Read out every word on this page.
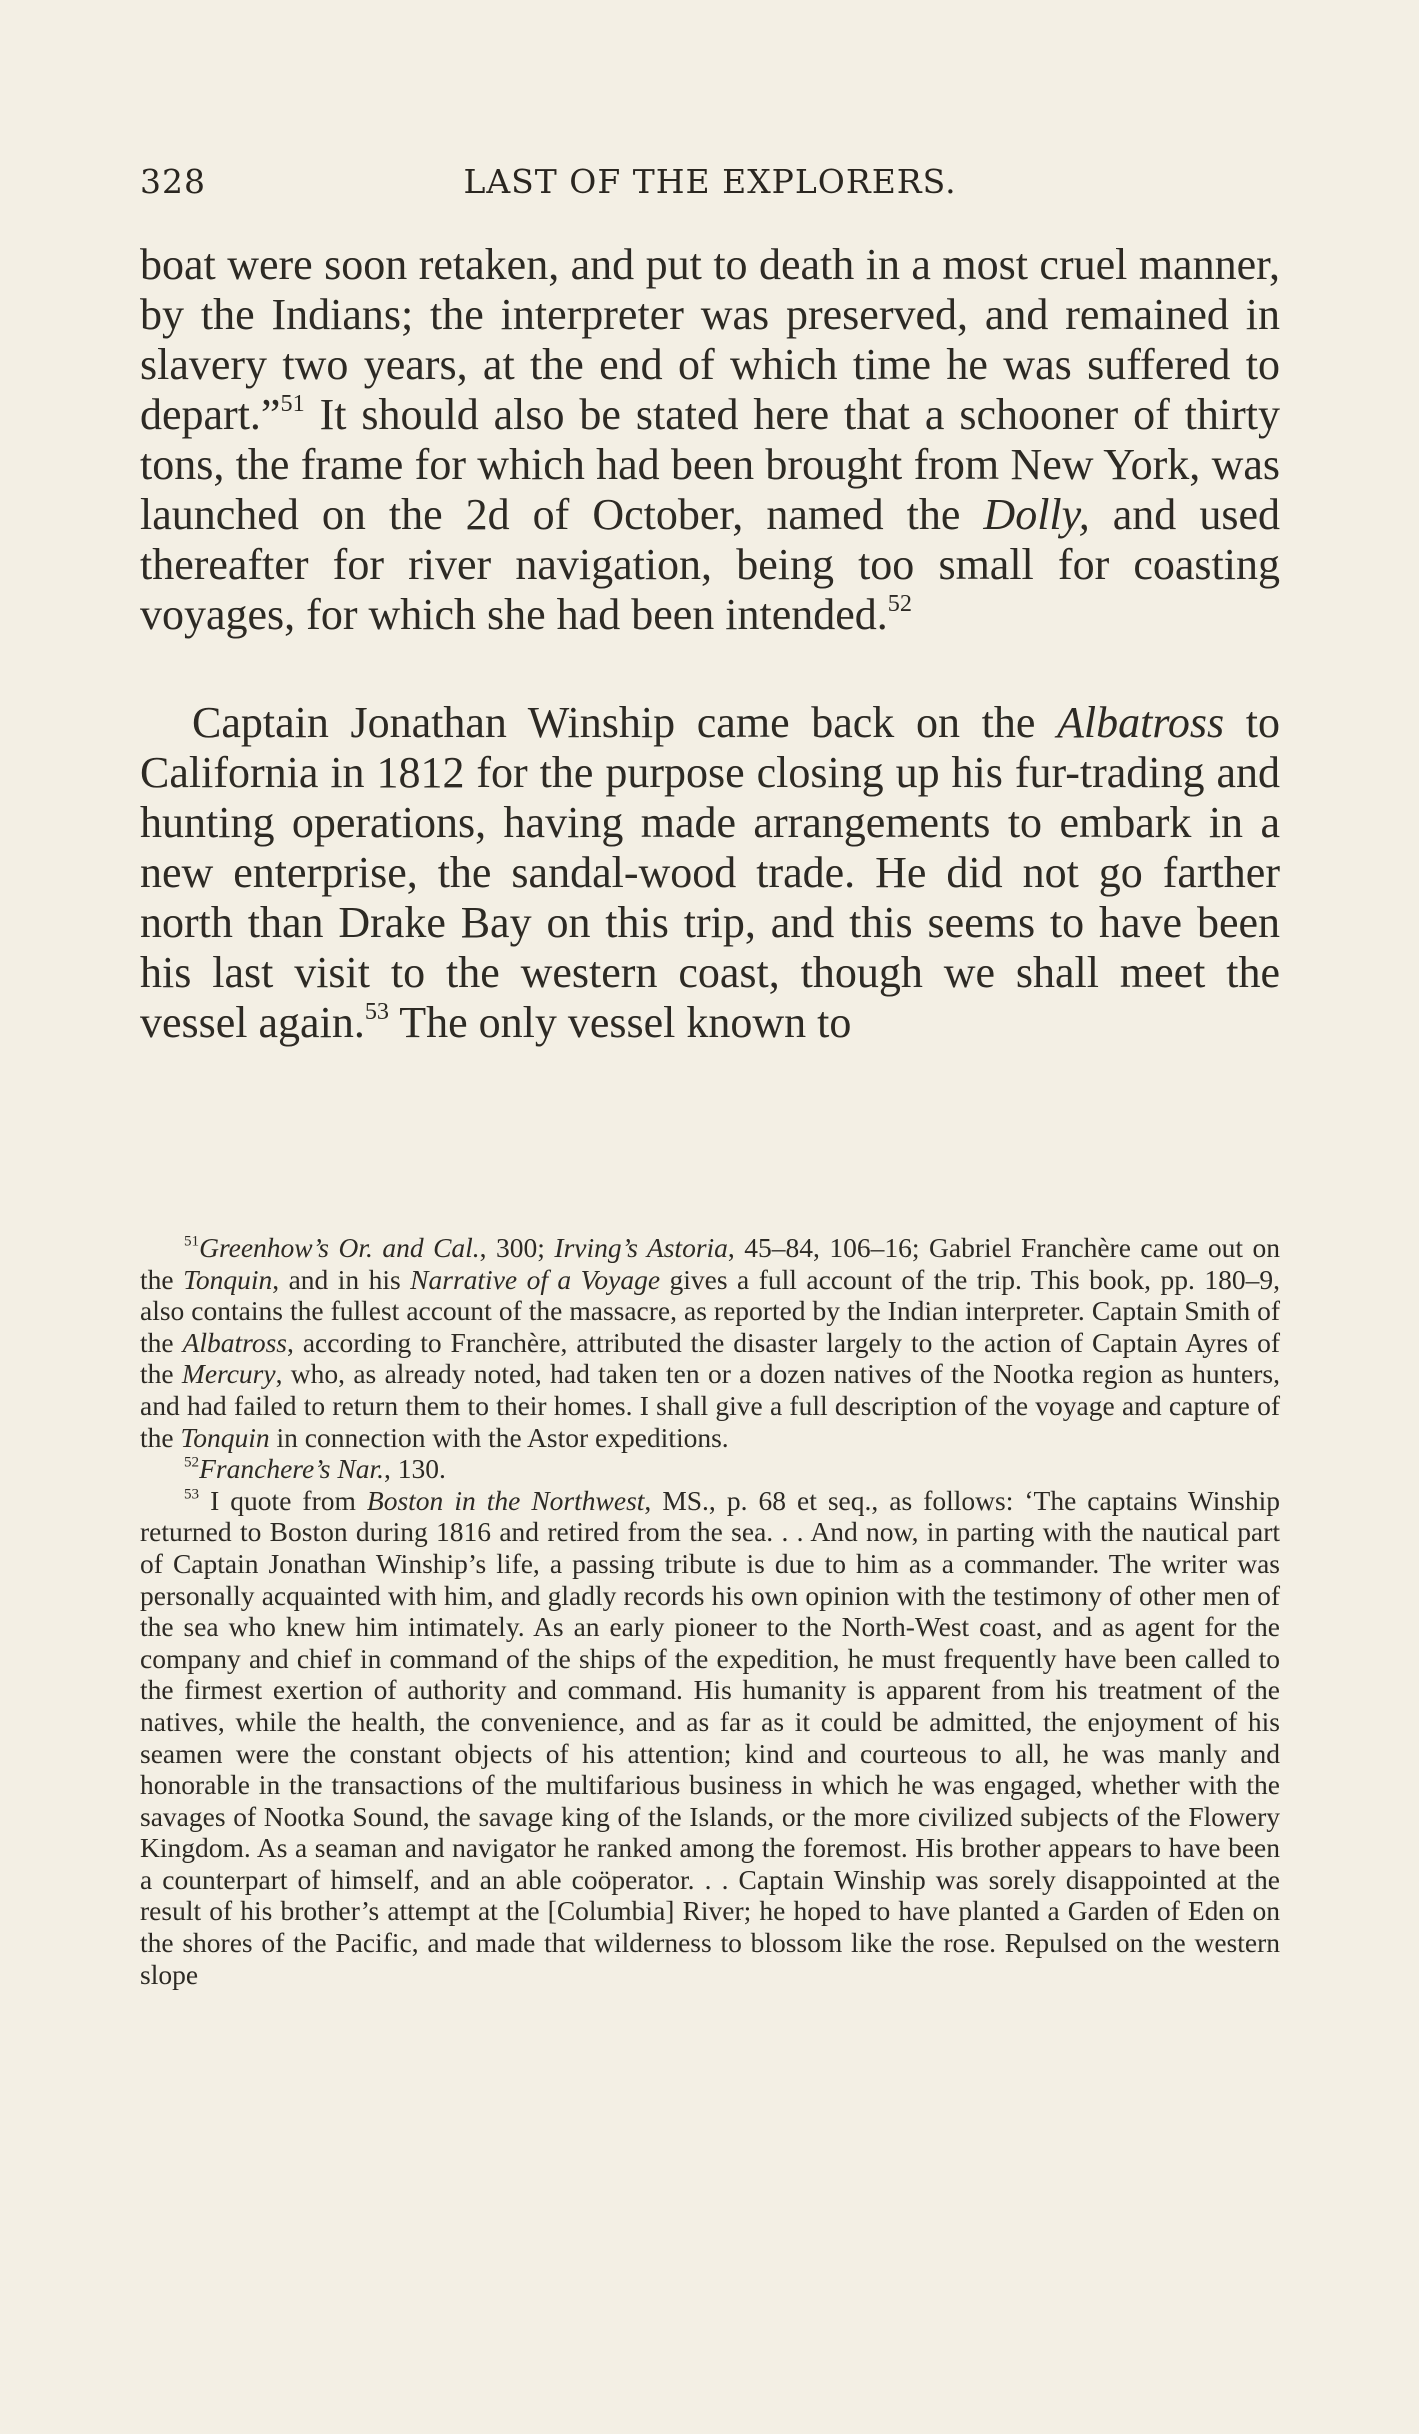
328	LAST OF THE EXPLORERS.

boat were soon retaken, and put to death in a most cruel manner, by the Indians; the interpreter was preserved, and remained in slavery two years, at the end of which time he was suffered to depart.”$^{51}$ It should also be stated here that a schooner of thirty tons, the frame for which had been brought from New York, was launched on the 2d of October, named the Dolly, and used thereafter for river navigation, being too small for coasting voyages, for which she had been intended.$^{52}$

Captain Jonathan Winship came back on the Albatross to California in 1812 for the purpose closing up his fur-trading and hunting operations, having made arrangements to embark in a new enterprise, the sandal-wood trade. He did not go farther north than Drake Bay on this trip, and this seems to have been his last visit to the western coast, though we shall meet the vessel again.$^{53}$ The only vessel known to

$^{51}$Greenhow’s Or. and Cal., 300; Irving’s Astoria, 45–84, 106–16; Gabriel Franchère came out on the Tonquin, and in his Narrative of a Voyage gives a full account of the trip. This book, pp. 180–9, also contains the fullest account of the massacre, as reported by the Indian interpreter. Captain Smith of the Albatross, according to Franchère, attributed the disaster largely to the action of Captain Ayres of the Mercury, who, as already noted, had taken ten or a dozen natives of the Nootka region as hunters, and had failed to return them to their homes. I shall give a full description of the voyage and capture of the Tonquin in connection with the Astor expeditions.

$^{52}$Franchere’s Nar., 130.

$^{53}$ I quote from Boston in the Northwest, MS., p. 68 et seq., as follows: ‘The captains Winship returned to Boston during 1816 and retired from the sea. . . And now, in parting with the nautical part of Captain Jonathan Winship’s life, a passing tribute is due to him as a commander. The writer was personally acquainted with him, and gladly records his own opinion with the testimony of other men of the sea who knew him intimately. As an early pioneer to the North-West coast, and as agent for the company and chief in command of the ships of the expedition, he must frequently have been called to the firmest exertion of authority and command. His humanity is apparent from his treatment of the natives, while the health, the convenience, and as far as it could be admitted, the enjoyment of his seamen were the constant objects of his attention; kind and courteous to all, he was manly and honorable in the transactions of the multifarious business in which he was engaged, whether with the savages of Nootka Sound, the savage king of the Islands, or the more civilized subjects of the Flowery Kingdom. As a seaman and navigator he ranked among the foremost. His brother appears to have been a counterpart of himself, and an able coöperator. . . Captain Winship was sorely disappointed at the result of his brother’s attempt at the [Columbia] River; he hoped to have planted a Garden of Eden on the shores of the Pacific, and made that wilderness to blossom like the rose. Repulsed on the western slope
